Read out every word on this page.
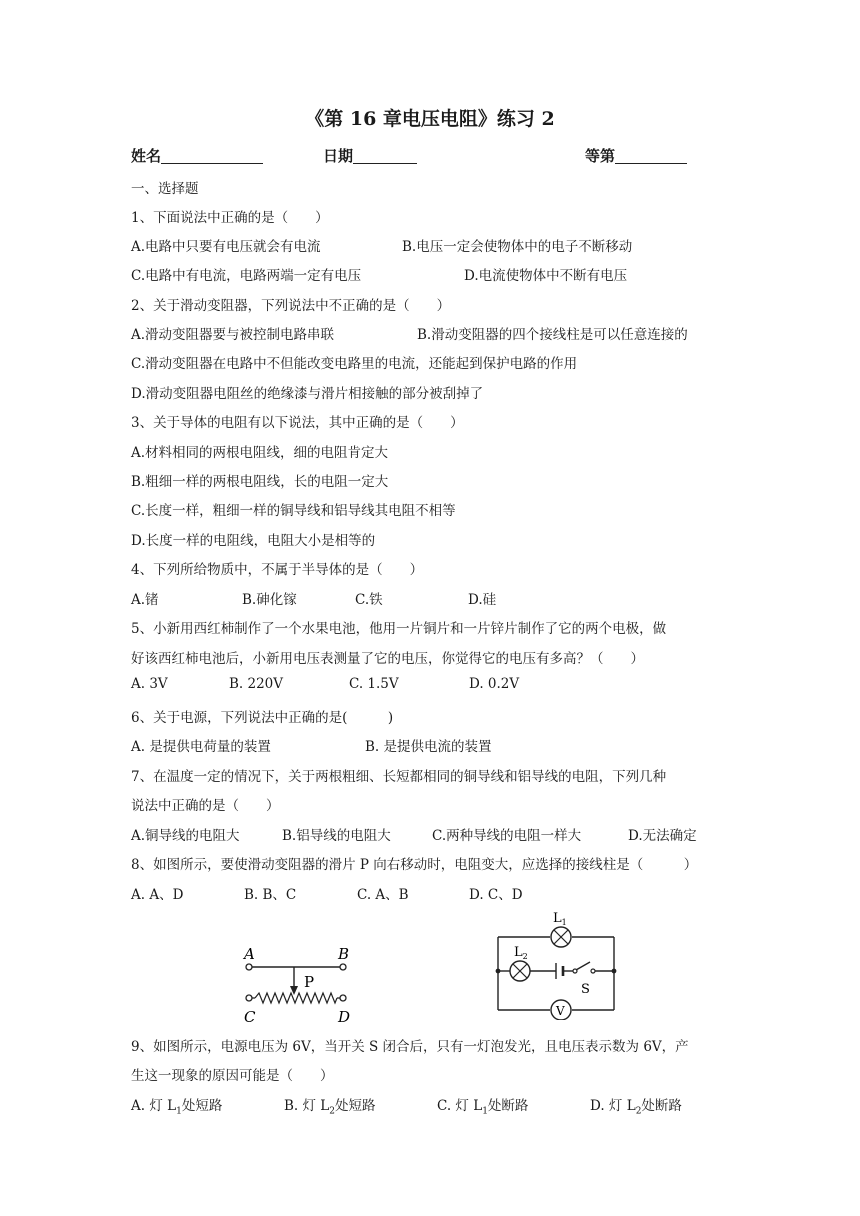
《第 16 章电压电阻》练习 2
姓名	日期	等第
一、选择题
1、下面说法中正确的是（　　）
A.电路中只要有电压就会有电流	B.电压一定会使物体中的电子不断移动
C.电路中有电流，电路两端一定有电压	D.电流使物体中不断有电压
2、关于滑动变阻器，下列说法中不正确的是（　　）
A.滑动变阻器要与被控制电路串联	B.滑动变阻器的四个接线柱是可以任意连接的
C.滑动变阻器在电路中不但能改变电路里的电流，还能起到保护电路的作用
D.滑动变阻器电阻丝的绝缘漆与滑片相接触的部分被刮掉了
3、关于导体的电阻有以下说法，其中正确的是（　　）
A.材料相同的两根电阻线，细的电阻肯定大
B.粗细一样的两根电阻线，长的电阻一定大
C.长度一样，粗细一样的铜导线和铝导线其电阻不相等
D.长度一样的电阻线，电阻大小是相等的
4、下列所给物质中，不属于半导体的是（　　）
A.锗	B.砷化镓	C.铁	D.硅
5、小新用西红柿制作了一个水果电池，他用一片铜片和一片锌片制作了它的两个电极，做
好该西红柿电池后，小新用电压表测量了它的电压，你觉得它的电压有多高？（　　）
A. 3V	B. 220V	C. 1.5V	D. 0.2V
6、关于电源，下列说法中正确的是(　　　)
A. 是提供电荷量的装置	B. 是提供电流的装置
7、在温度一定的情况下，关于两根粗细、长短都相同的铜导线和铝导线的电阻，下列几种
说法中正确的是（　　）
A.铜导线的电阻大	B.铝导线的电阻大	C.两种导线的电阻一样大	D.无法确定
8、如图所示，要使滑动变阻器的滑片 P 向右移动时，电阻变大，应选择的接线柱是（　　　）
A. A、D	B. B、C	C. A、B	D. C、D
A	B
P
C	D
$L_1$
$L_2$
S
V
9、如图所示，电源电压为 6V，当开关 S 闭合后，只有一灯泡发光，且电压表示数为 6V，产
生这一现象的原因可能是（　　）
A. 灯 $L_1$处短路	B. 灯 $L_2$处短路	C. 灯 $L_1$处断路	D. 灯 $L_2$处断路
